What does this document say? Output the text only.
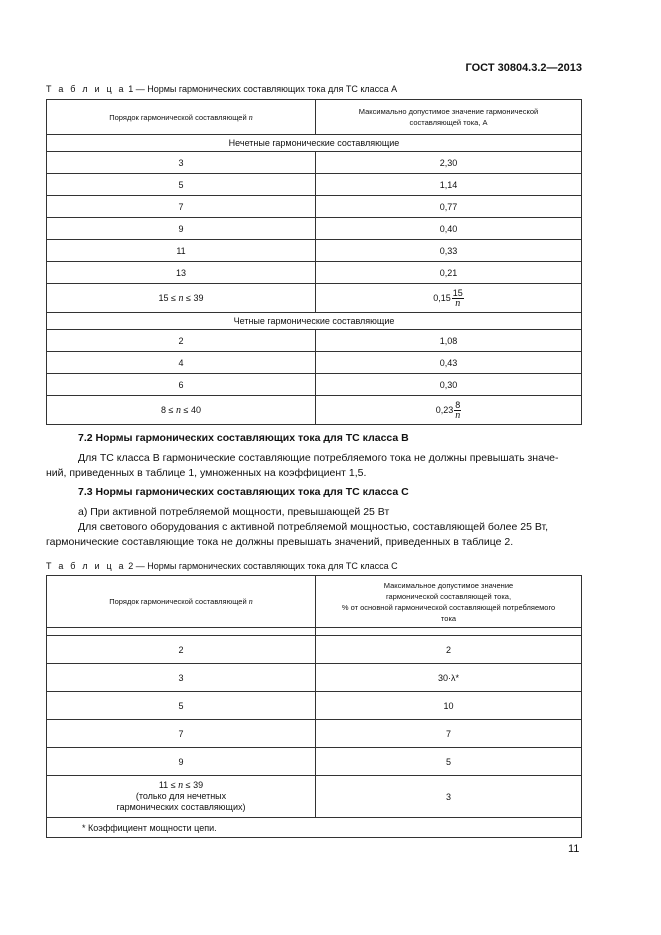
ГОСТ 30804.3.2—2013
Т а б л и ц а 1 — Нормы гармонических составляющих тока для ТС класса А
Порядок гармонической составляющей n	Максимально допустимое значение гармонической
составляющей тока, А
Нечетные гармонические составляющие	
3	2,30
5	1,14
7	0,77
9	0,40
11	0,33
13	0,21
15 ≤ n ≤ 39	$0,15 \frac{15}{n}$

Четные гармонические составляющие	
2	1,08
4	0,43
6	0,30
8 ≤ n ≤ 40	$0,23 \frac{8}{n}$
7.2 Нормы гармонических составляющих тока для ТС класса В
Для ТС класса В гармонические составляющие потребляемого тока не должны превышать значе-
ний, приведенных в таблице 1, умноженных на коэффициент 1,5.
7.3 Нормы гармонических составляющих тока для ТС класса С
а) При активной потребляемой мощности, превышающей 25 Вт
Для светового оборудования с активной потребляемой мощностью, составляющей более 25 Вт,
гармонические составляющие тока не должны превышать значений, приведенных в таблице 2.
Т а б л и ц а 2 — Нормы гармонических составляющих тока для ТС класса С
Порядок гармонической составляющей n	Максимальное допустимое значение
гармонической составляющей тока,
% от основной гармонической составляющей потребляемого
тока

2	2
3	30·λ*
5	10
7	7
9	5
11 ≤ n ≤ 39
(только для нечетных
гармонических составляющих)	3
* Коэффициент мощности цепи.	
11
